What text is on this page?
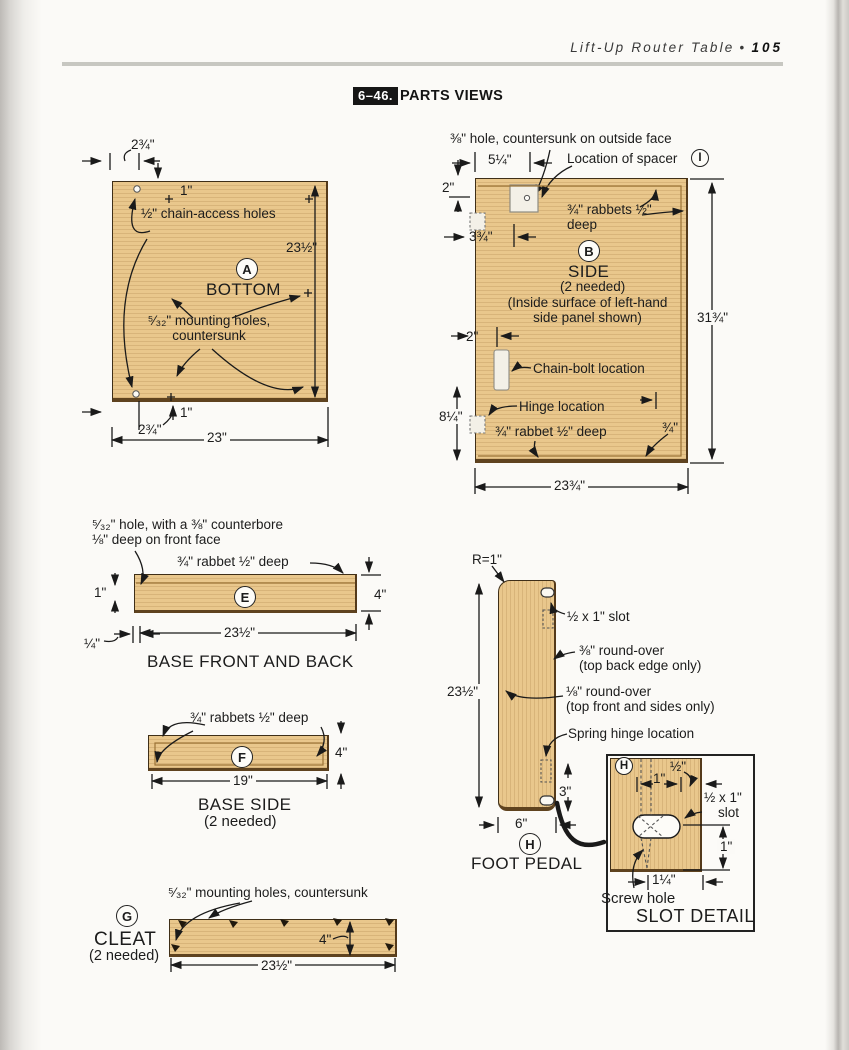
Lift-Up Router Table • 105
6–46. PARTS VIEWS
2¾"
1"
½" chain-access holes
23½"
A
BOTTOM
⁵⁄₃₂" mounting holes, countersunk
1"
2¾"
23"
⅜" hole, countersunk on outside face
5¼"	Location of spacer	I
2"
¾" rabbets ½" deep
3¾"
B
SIDE
(2 needed)
(Inside surface of left-hand side panel shown)	31¾"
2"
Chain-bolt location
Hinge location
8¼"
¾" rabbet ½" deep	¾"
23¾"
⁵⁄₃₂" hole, with a ⅜" counterbore
⅛" deep on front face
¾" rabbet ½" deep
1"	E	4"
23½"
¼"
BASE FRONT AND BACK
¾" rabbets ½" deep
F	4"
19"
BASE SIDE
(2 needed)
⁵⁄₃₂" mounting holes, countersunk
G
CLEAT
(2 needed)
4"
23½"
R=1"
½ x 1" slot
⅜" round-over
(top back edge only)
23½"	⅛" round-over
(top front and sides only)
Spring hinge location
3"
6"
H
FOOT PEDAL
H	½"
1"
½ x 1"
slot
1"
1¼"
Screw hole
SLOT DETAIL
